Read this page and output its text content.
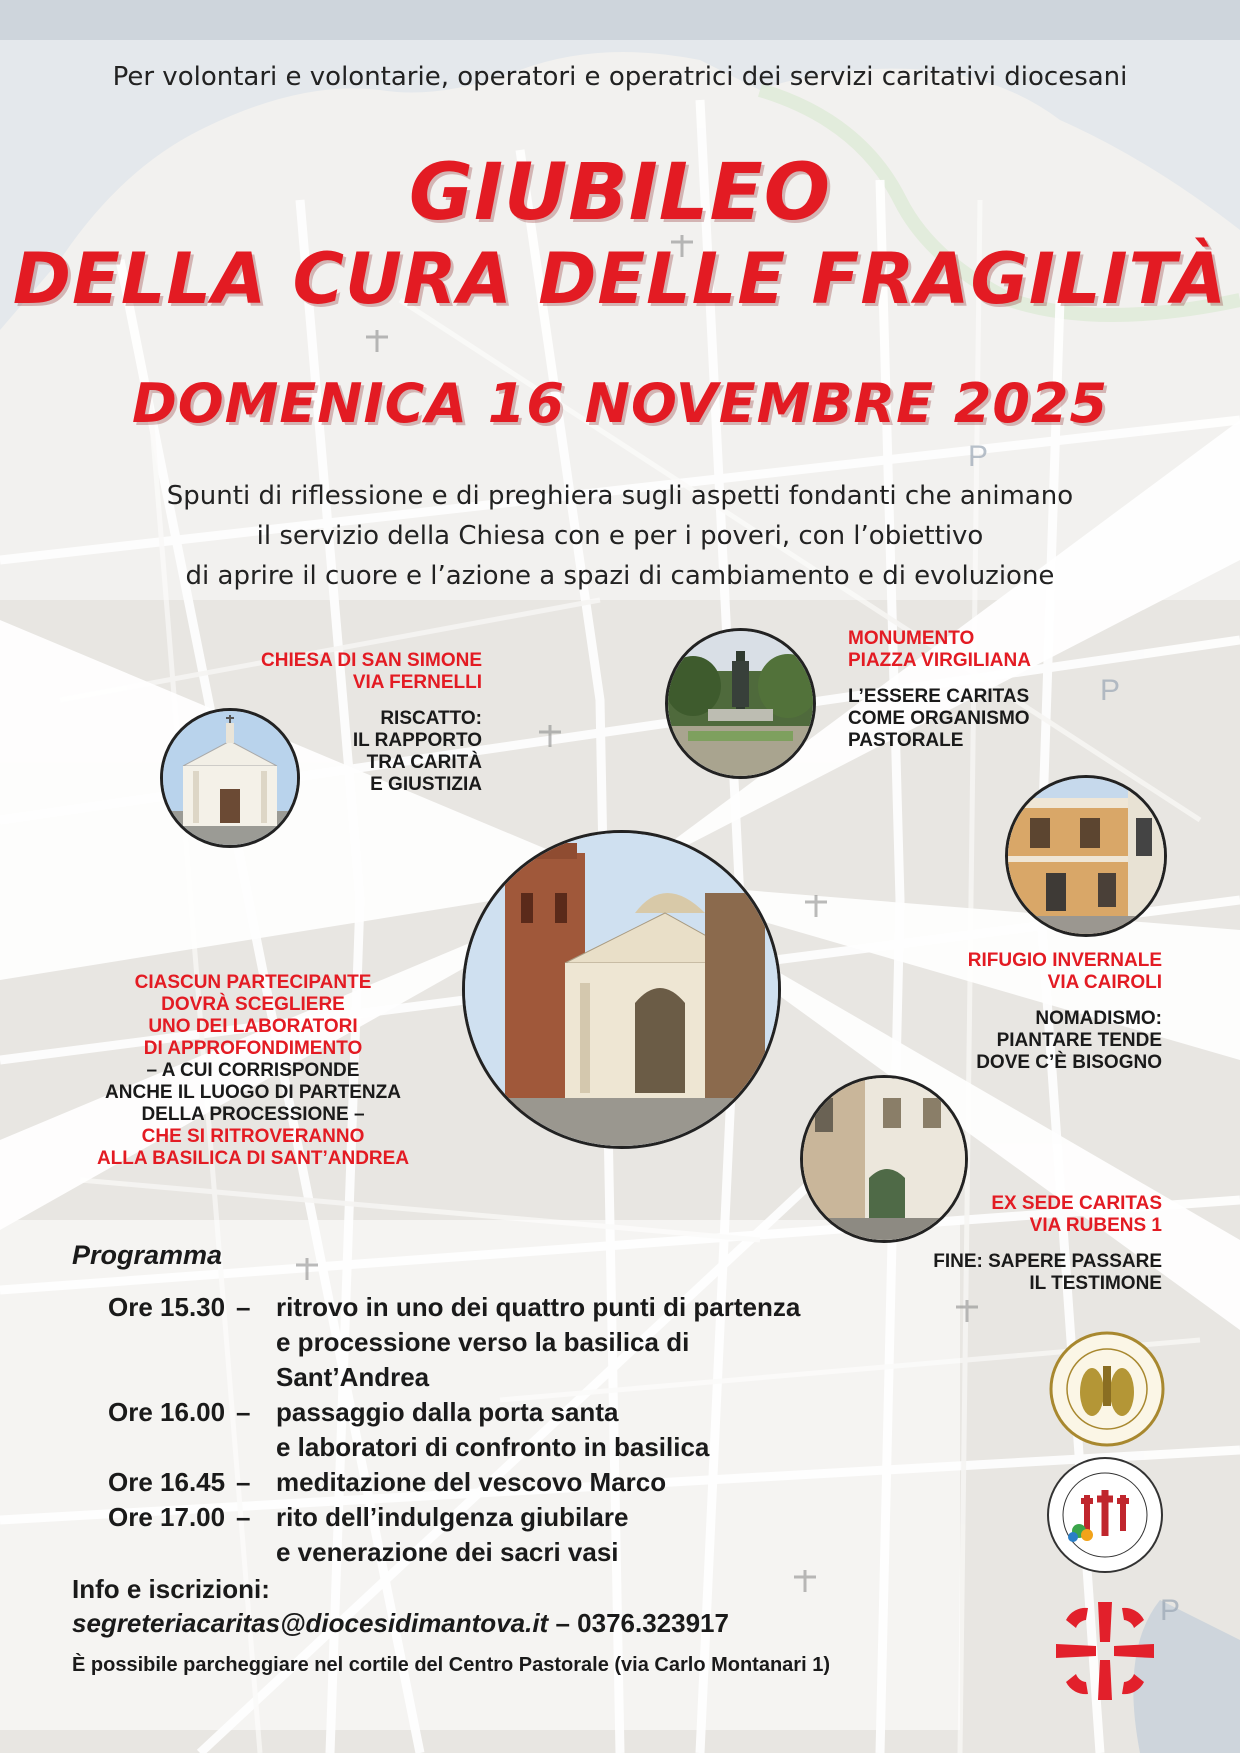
P
P
P
Per volontari e volontarie, operatori e operatrici dei servizi caritativi diocesani
GIUBILEO
DELLA CURA DELLE FRAGILITÀ
DOMENICA 16 NOVEMBRE 2025
Spunti di riflessione e di preghiera sugli aspetti fondanti che animano
il servizio della Chiesa con e per i poveri, con l’obiettivo
di aprire il cuore e l’azione a spazi di cambiamento e di evoluzione
CHIESA DI SAN SIMONE
VIA FERNELLI
RISCATTO:
IL RAPPORTO
TRA CARITÀ
E GIUSTIZIA
MONUMENTO
PIAZZA VIRGILIANA
L’ESSERE CARITAS
COME ORGANISMO
PASTORALE
RIFUGIO INVERNALE
VIA CAIROLI
NOMADISMO:
PIANTARE TENDE
DOVE C’È BISOGNO
EX SEDE CARITAS
VIA RUBENS 1
FINE: SAPERE PASSARE
IL TESTIMONE
CIASCUN PARTECIPANTE
DOVRÀ SCEGLIERE
UNO DEI LABORATORI
DI APPROFONDIMENTO
– A CUI CORRISPONDE
ANCHE IL LUOGO DI PARTENZA
DELLA PROCESSIONE –
CHE SI RITROVERANNO
ALLA BASILICA DI SANT’ANDREA
Programma
Ore 15.30 – ritrovo in uno dei quattro punti di partenza
e processione verso la basilica di Sant’Andrea
Ore 16.00 – passaggio dalla porta santa
e laboratori di confronto in basilica
Ore 16.45 – meditazione del vescovo Marco
Ore 17.00 – rito dell’indulgenza giubilare
e venerazione dei sacri vasi
Info e iscrizioni:
segreteriacaritas@diocesidimantova.it – 0376.323917
È possibile parcheggiare nel cortile del Centro Pastorale (via Carlo Montanari 1)
